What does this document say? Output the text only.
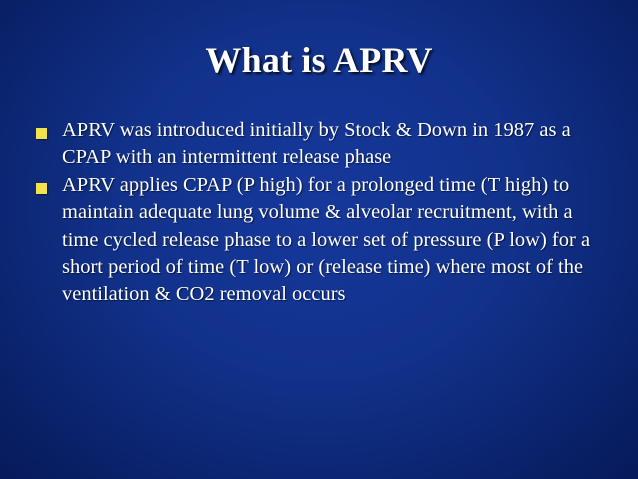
What is APRV
APRV was introduced initially by Stock & Down in 1987 as a CPAP with an intermittent release phase
APRV applies CPAP (P high) for a prolonged time (T high) to maintain adequate lung volume & alveolar recruitment, with a time cycled release phase to a lower set of pressure (P low) for a short period of time (T low) or (release time) where most of the ventilation & CO2 removal occurs
